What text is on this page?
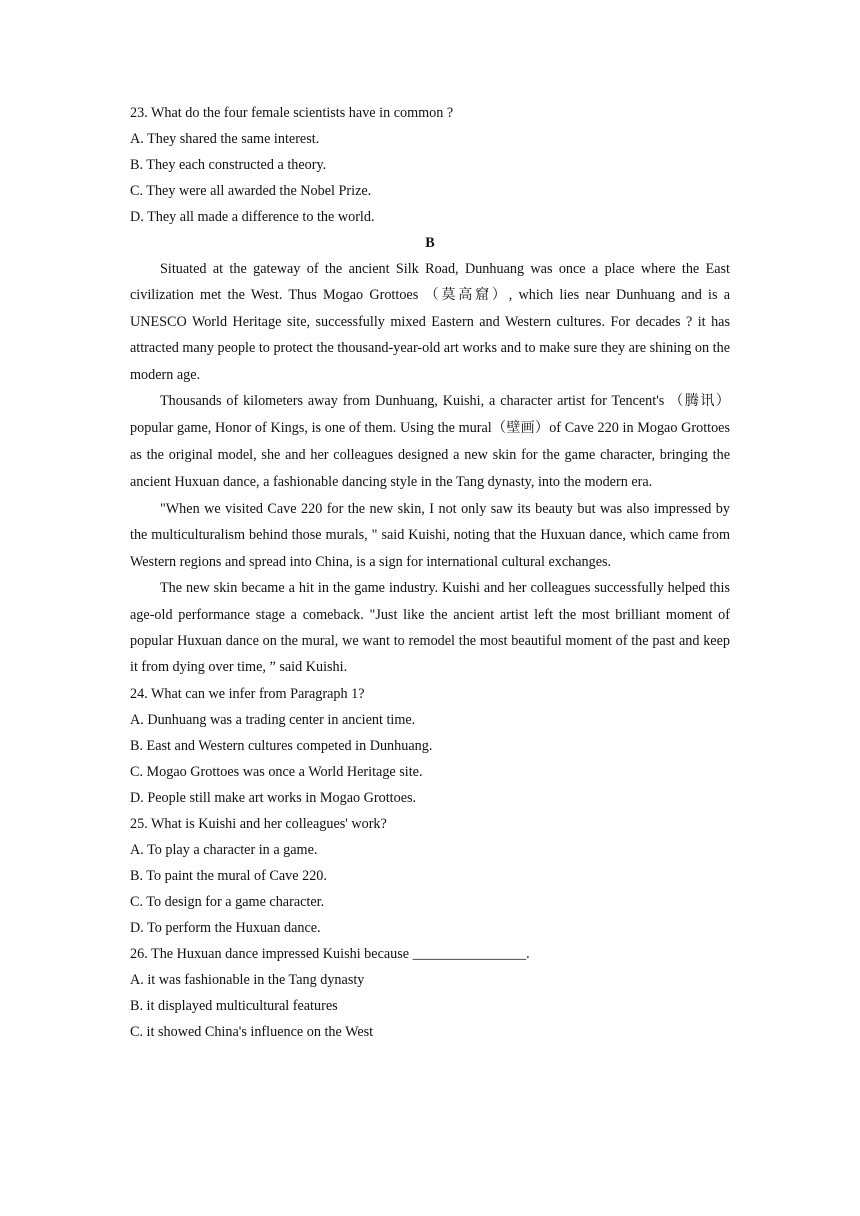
23. What do the four female scientists have in common ?
A. They shared the same interest.
B. They each constructed a theory.
C. They were all awarded the Nobel Prize.
D. They all made a difference to the world.
B

Situated at the gateway of the ancient Silk Road, Dunhuang was once a place where the East civilization met the West. Thus Mogao Grottoes （莫高窟）, which lies near Dunhuang and is a UNESCO World Heritage site, successfully mixed Eastern and Western cultures. For decades ? it has attracted many people to protect the thousand-year-old art works and to make sure they are shining on the modern age.

Thousands of kilometers away from Dunhuang, Kuishi, a character artist for Tencent's （腾讯）popular game, Honor of Kings, is one of them. Using the mural（壁画）of Cave 220 in Mogao Grottoes as the original model, she and her colleagues designed a new skin for the game character, bringing the ancient Huxuan dance, a fashionable dancing style in the Tang dynasty, into the modern era.

"When we visited Cave 220 for the new skin, I not only saw its beauty but was also impressed by the multiculturalism behind those murals, " said Kuishi, noting that the Huxuan dance, which came from Western regions and spread into China, is a sign for international cultural exchanges.

The new skin became a hit in the game industry. Kuishi and her colleagues successfully helped this age-old performance stage a comeback. "Just like the ancient artist left the most brilliant moment of popular Huxuan dance on the mural, we want to remodel the most beautiful moment of the past and keep it from dying over time, ” said Kuishi.

24. What can we infer from Paragraph 1?
A. Dunhuang was a trading center in ancient time.
B. East and Western cultures competed in Dunhuang.
C. Mogao Grottoes was once a World Heritage site.
D. People still make art works in Mogao Grottoes.
25. What is Kuishi and her colleagues' work?
A. To play a character in a game.
B. To paint the mural of Cave 220.
C. To design for a game character.
D. To perform the Huxuan dance.
26. The Huxuan dance impressed Kuishi because ________________.
A. it was fashionable in the Tang dynasty
B. it displayed multicultural features
C. it showed China's influence on the West
